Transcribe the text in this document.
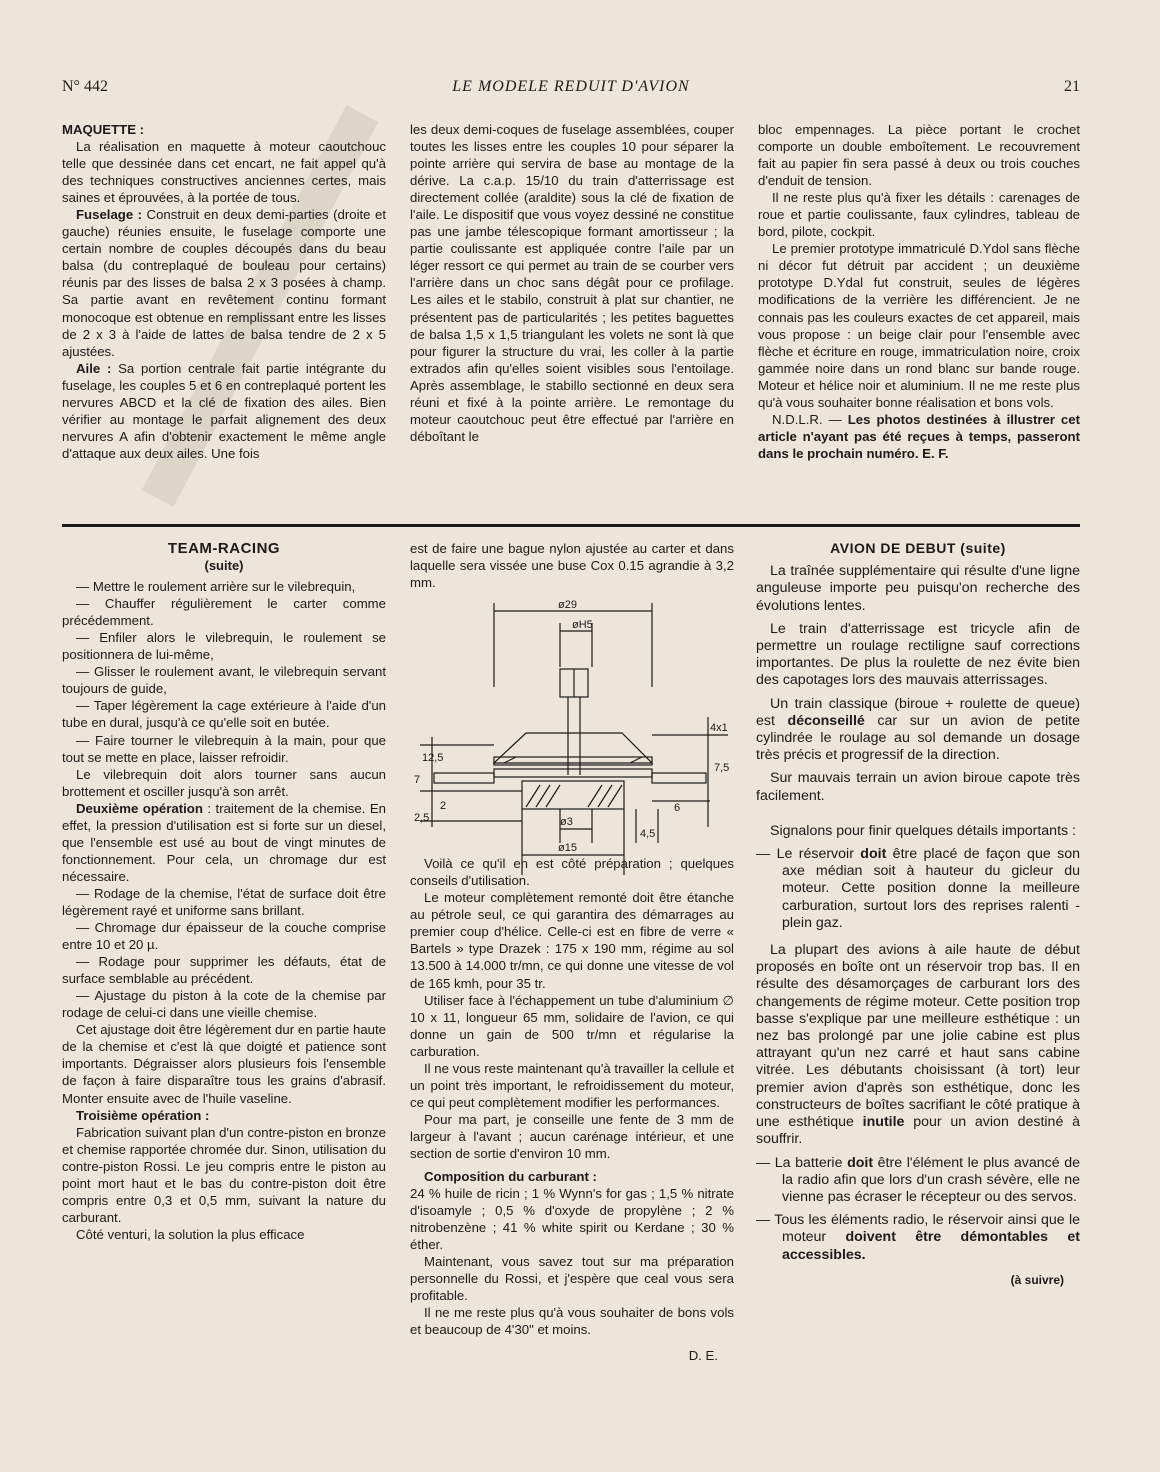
N° 442	LE MODELE REDUIT D'AVION	21

MAQUETTE :

La réalisation en maquette à moteur caoutchouc telle que dessinée dans cet encart, ne fait appel qu'à des techniques constructives anciennes certes, mais saines et éprouvées, à la portée de tous.

Fuselage : Construit en deux demi-parties (droite et gauche) réunies ensuite, le fuselage comporte une certain nombre de couples découpés dans du beau balsa (du contreplaqué de bouleau pour certains) réunis par des lisses de balsa 2 x 3 posées à champ. Sa partie avant en revêtement continu formant monocoque est obtenue en remplissant entre les lisses de 2 x 3 à l'aide de lattes de balsa tendre de 2 x 5 ajustées.

Aile : Sa portion centrale fait partie intégrante du fuselage, les couples 5 et 6 en contreplaqué portent les nervures ABCD et la clé de fixation des ailes. Bien vérifier au montage le parfait alignement des deux nervures A afin d'obtenir exactement le même angle d'attaque aux deux ailes. Une fois

les deux demi-coques de fuselage assemblées, couper toutes les lisses entre les couples 10 pour séparer la pointe arrière qui servira de base au montage de la dérive. La c.a.p. 15/10 du train d'atterrissage est directement collée (araldite) sous la clé de fixation de l'aile. Le dispositif que vous voyez dessiné ne constitue pas une jambe télescopique formant amortisseur ; la partie coulissante est appliquée contre l'aile par un léger ressort ce qui permet au train de se courber vers l'arrière dans un choc sans dégât pour ce profilage. Les ailes et le stabilo, construit à plat sur chantier, ne présentent pas de particularités ; les petites baguettes de balsa 1,5 x 1,5 triangulant les volets ne sont là que pour figurer la structure du vrai, les coller à la partie extrados afin qu'elles soient visibles sous l'entoilage. Après assemblage, le stabillo sectionné en deux sera réuni et fixé à la pointe arrière. Le remontage du moteur caoutchouc peut être effectué par l'arrière en déboîtant le

bloc empennages. La pièce portant le crochet comporte un double emboîtement. Le recouvrement fait au papier fin sera passé à deux ou trois couches d'enduit de tension.

Il ne reste plus qu'à fixer les détails : carenages de roue et partie coulissante, faux cylindres, tableau de bord, pilote, cockpit.

Le premier prototype immatriculé D.Ydol sans flèche ni décor fut détruit par accident ; un deuxième prototype D.Ydal fut construit, seules de légères modifications de la verrière les différencient. Je ne connais pas les couleurs exactes de cet appareil, mais vous propose : un beige clair pour l'ensemble avec flèche et écriture en rouge, immatriculation noire, croix gammée noire dans un rond blanc sur bande rouge. Moteur et hélice noir et aluminium. Il ne me reste plus qu'à vous souhaiter bonne réalisation et bons vols.

N.D.L.R. — Les photos destinées à illustrer cet article n'ayant pas été reçues à temps, passeront dans le prochain numéro. E. F.

TEAM-RACING
(suite)

— Mettre le roulement arrière sur le vilebrequin,

— Chauffer régulièrement le carter comme précédemment.

— Enfiler alors le vilebrequin, le roulement se positionnera de lui-même,

— Glisser le roulement avant, le vilebrequin servant toujours de guide,

— Taper légèrement la cage extérieure à l'aide d'un tube en dural, jusqu'à ce qu'elle soit en butée.

— Faire tourner le vilebrequin à la main, pour que tout se mette en place, laisser refroidir.

Le vilebrequin doit alors tourner sans aucun brottement et osciller jusqu'à son arrêt.

Deuxième opération : traitement de la chemise. En effet, la pression d'utilisation est si forte sur un diesel, que l'ensemble est usé au bout de vingt minutes de fonctionnement. Pour cela, un chromage dur est nécessaire.

— Rodage de la chemise, l'état de surface doit être légèrement rayé et uniforme sans brillant.

— Chromage dur épaisseur de la couche comprise entre 10 et 20 µ.

— Rodage pour supprimer les défauts, état de surface semblable au précédent.

— Ajustage du piston à la cote de la chemise par rodage de celui-ci dans une vieille chemise.

Cet ajustage doit être légèrement dur en partie haute de la chemise et c'est là que doigté et patience sont importants. Dégraisser alors plusieurs fois l'ensemble de façon à faire disparaître tous les grains d'abrasif. Monter ensuite avec de l'huile vaseline.

Troisième opération :

Fabrication suivant plan d'un contre-piston en bronze et chemise rapportée chromée dur. Sinon, utilisation du contre-piston Rossi. Le jeu compris entre le piston au point mort haut et le bas du contre-piston doit être compris entre 0,3 et 0,5 mm, suivant la nature du carburant.

Côté venturi, la solution la plus efficace

est de faire une bague nylon ajustée au carter et dans laquelle sera vissée une buse Cox 0.15 agrandie à 3,2 mm.

ø29
øH5
ø3
ø15
7
12,5
2
2,5
4x1
7,5
6
4,5

Voilà ce qu'il en est côté préparation ; quelques conseils d'utilisation.

Le moteur complètement remonté doit être étanche au pétrole seul, ce qui garantira des démarrages au premier coup d'hélice. Celle-ci est en fibre de verre « Bartels » type Drazek : 175 x 190 mm, régime au sol 13.500 à 14.000 tr/mn, ce qui donne une vitesse de vol de 165 kmh, pour 35 tr.

Utiliser face à l'échappement un tube d'aluminium ∅ 10 x 11, longueur 65 mm, solidaire de l'avion, ce qui donne un gain de 500 tr/mn et régularise la carburation.

Il ne vous reste maintenant qu'à travailler la cellule et un point très important, le refroidissement du moteur, ce qui peut complètement modifier les performances.

Pour ma part, je conseille une fente de 3 mm de largeur à l'avant ; aucun carénage intérieur, et une section de sortie d'environ 10 mm.

Composition du carburant :

24 % huile de ricin ; 1 % Wynn's for gas ; 1,5 % nitrate d'isoamyle ; 0,5 % d'oxyde de propylène ; 2 % nitrobenzène ; 41 % white spirit ou Kerdane ; 30 % éther.

Maintenant, vous savez tout sur ma préparation personnelle du Rossi, et j'espère que ceal vous sera profitable.

Il ne me reste plus qu'à vous souhaiter de bons vols et beaucoup de 4'30" et moins.

D. E.
AVION DE DEBUT (suite)

La traînée supplémentaire qui résulte d'une ligne anguleuse importe peu puisqu'on recherche des évolutions lentes.

Le train d'atterrissage est tricycle afin de permettre un roulage rectiligne sauf corrections importantes. De plus la roulette de nez évite bien des capotages lors des mauvais atterrissages.

Un train classique (biroue + roulette de queue) est déconseillé car sur un avion de petite cylindrée le roulage au sol demande un dosage très précis et progressif de la direction.

Sur mauvais terrain un avion biroue capote très facilement.

Signalons pour finir quelques détails importants :

— Le réservoir doit être placé de façon que son axe médian soit à hauteur du gicleur du moteur. Cette position donne la meilleure carburation, surtout lors des reprises ralenti - plein gaz.

La plupart des avions à aile haute de début proposés en boîte ont un réservoir trop bas. Il en résulte des désamorçages de carburant lors des changements de régime moteur. Cette position trop basse s'explique par une meilleure esthétique : un nez bas prolongé par une jolie cabine est plus attrayant qu'un nez carré et haut sans cabine vitrée. Les débutants choisissant (à tort) leur premier avion d'après son esthétique, donc les constructeurs de boîtes sacrifiant le côté pratique à une esthétique inutile pour un avion destiné à souffrir.

— La batterie doit être l'élément le plus avancé de la radio afin que lors d'un crash sévère, elle ne vienne pas écraser le récepteur ou des servos.

— Tous les éléments radio, le réservoir ainsi que le moteur doivent être démontables et accessibles.

(à suivre)
